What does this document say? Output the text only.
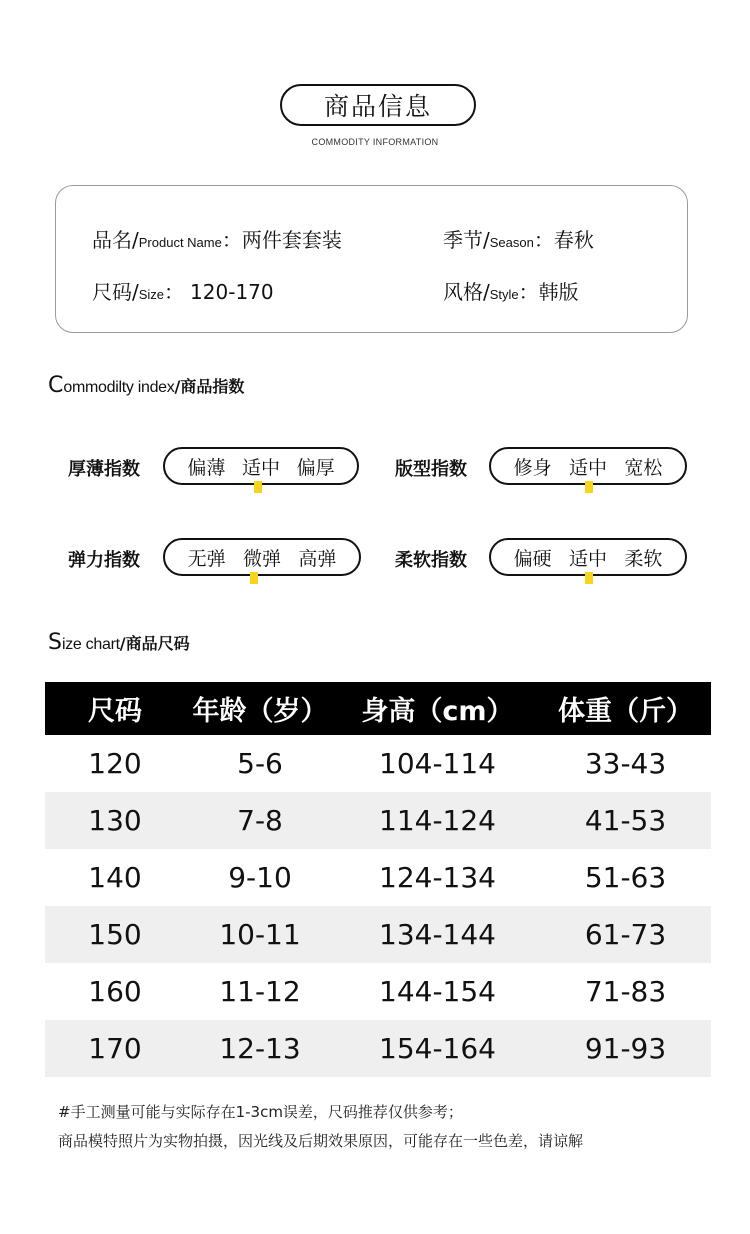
商品信息
COMMODITY INFORMATION
品名/ Product Name ： 两件套套装	季节/ Season ： 春秋
尺码/ Size ： 120-170	风格/ Style ： 韩版
C ommodilty index /商品指数
厚薄指数 偏薄 适中 偏厚	版型指数 修身 适中 宽松
弹力指数	无弹 微弹 高弹	柔软指数 偏硬 适中 柔软
S ize chart /商品尺码
尺码	年龄（岁）	身高（cm）	体重（斤）
120	5-6	104-114	33-43
130	7-8	114-124	41-53
140	9-10	124-134	51-63
150	10-11	134-144	61-73
160	11-12	144-154	71-83
170	12-13	154-164	91-93
#手工测量可能与实际存在1-3cm误差，尺码推荐仅供参考；
商品模特照片为实物拍摄，因光线及后期效果原因，可能存在一些色差，请谅解
